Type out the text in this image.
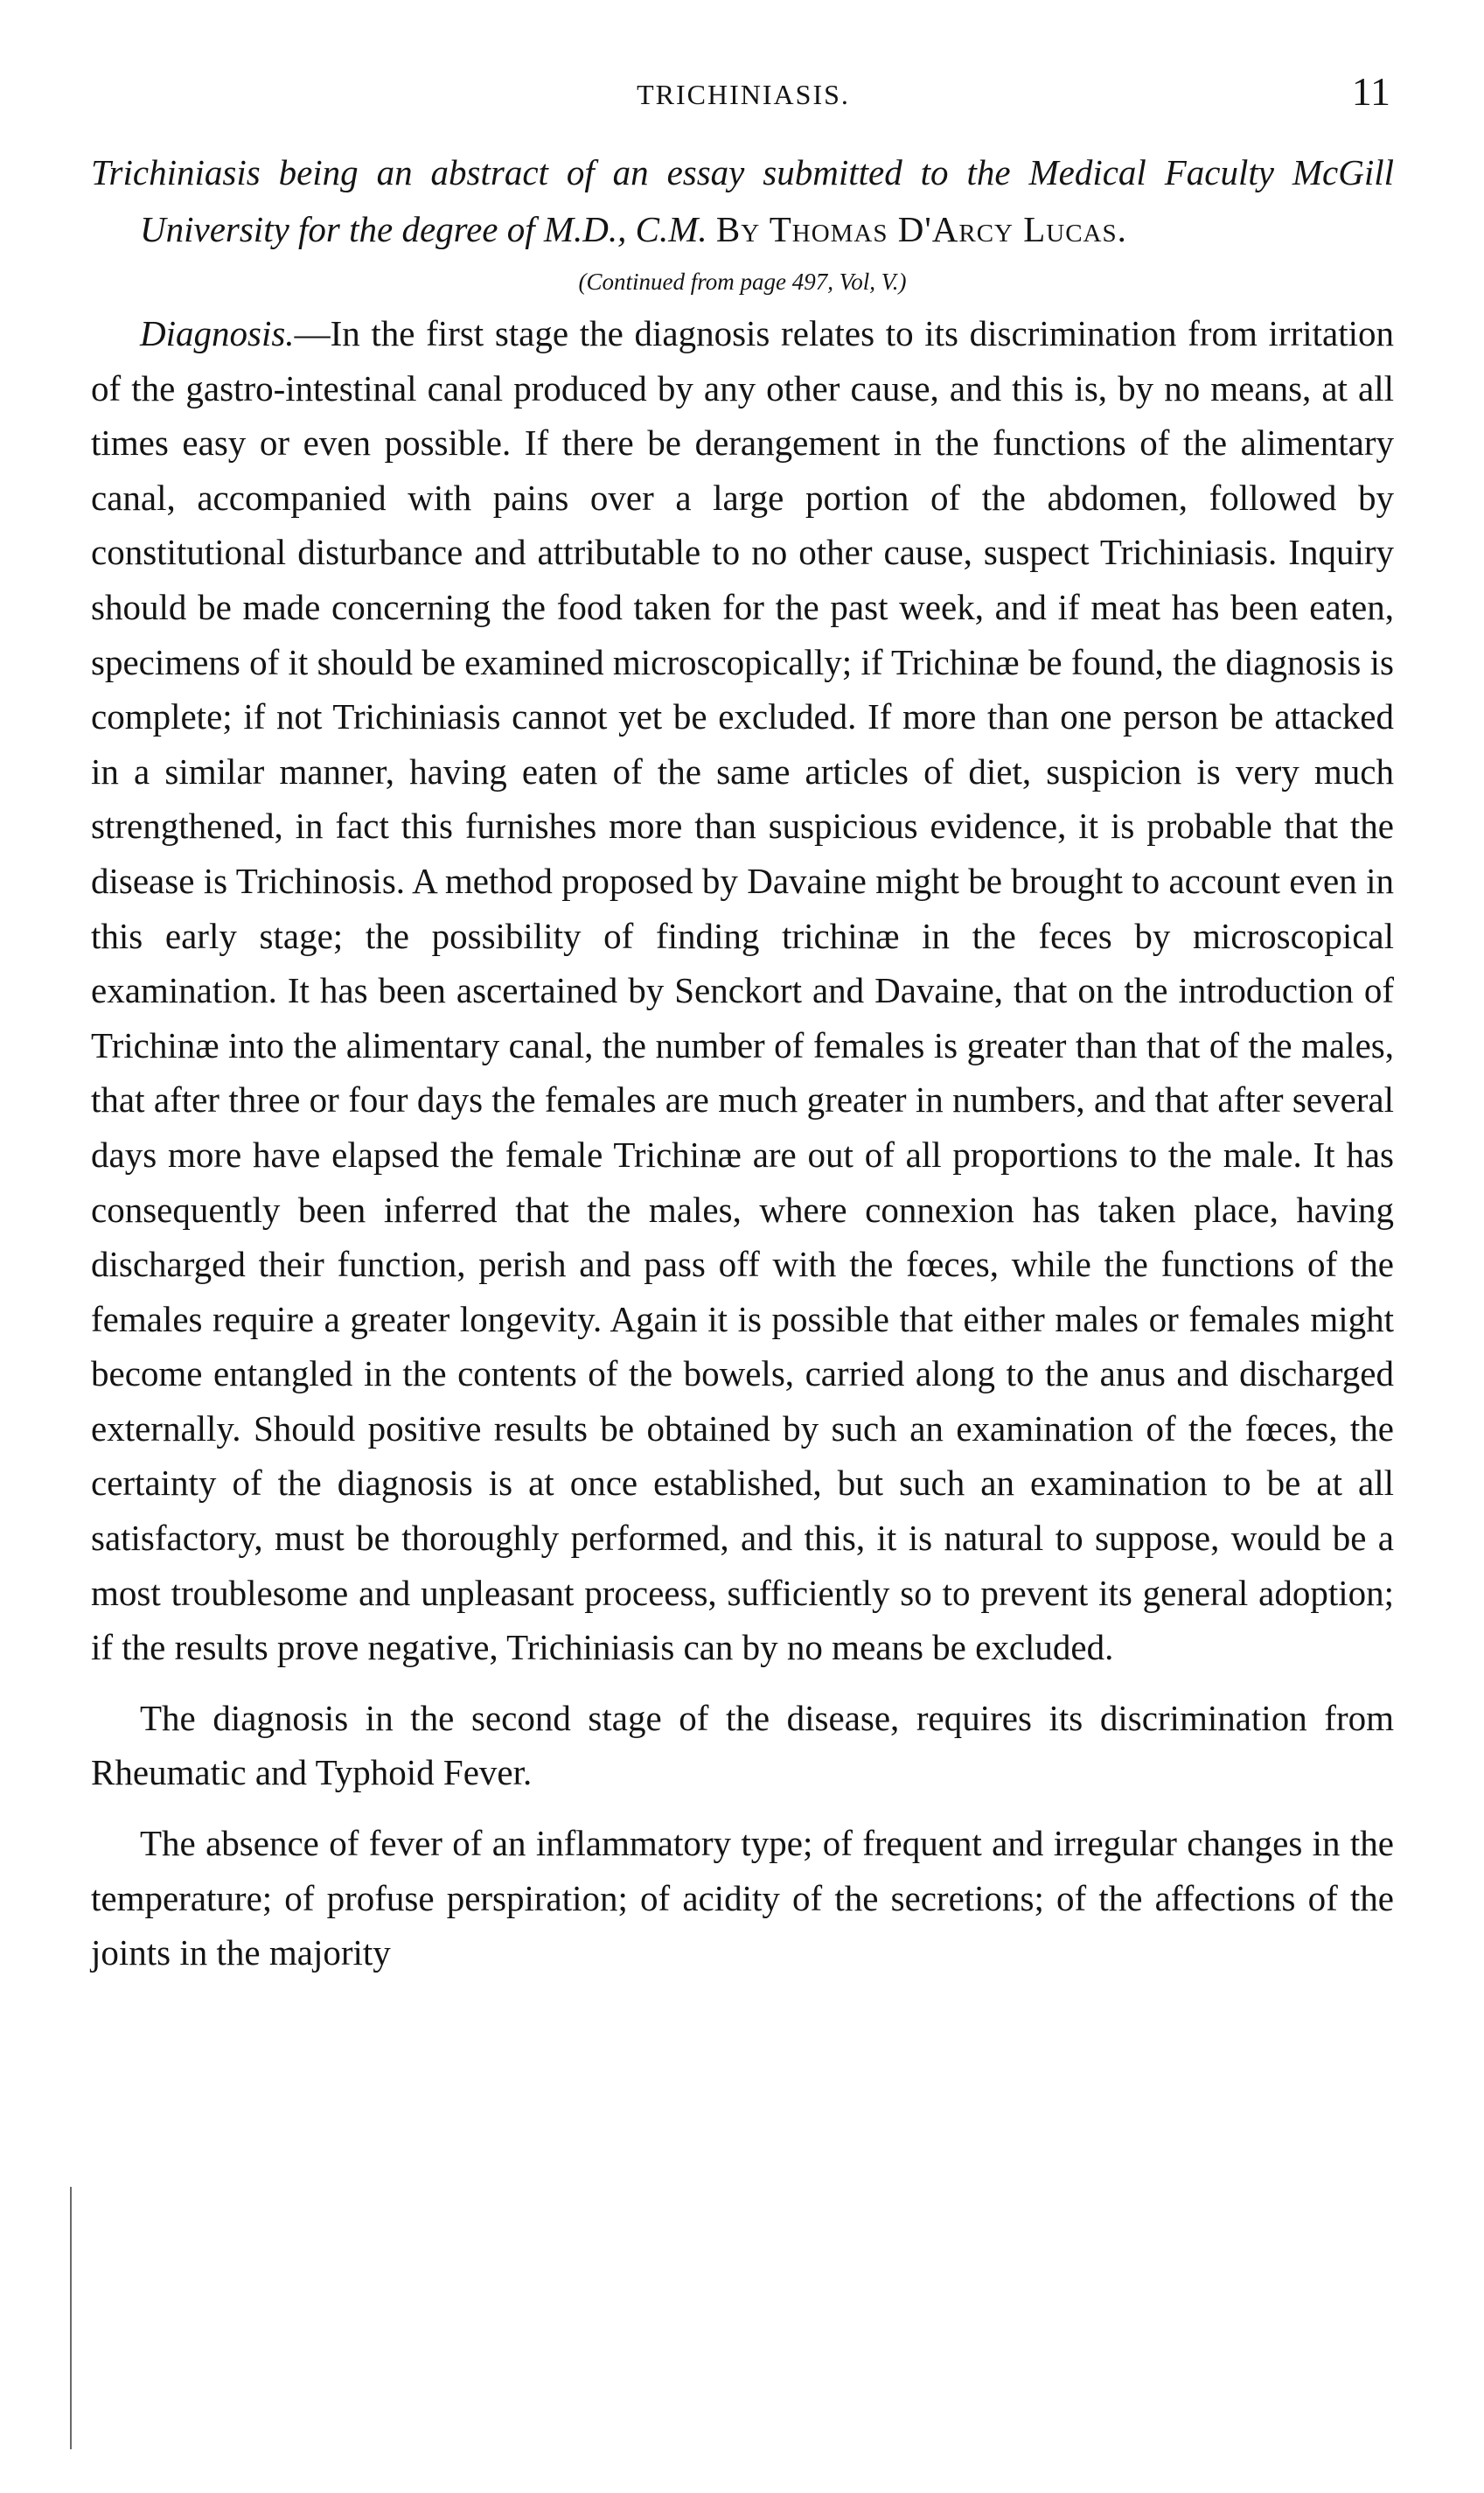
TRICHINIASIS.	11
Trichiniasis being an abstract of an essay submitted to the Medical Faculty McGill University for the degree of M.D., C.M. By Thomas D'Arcy Lucas.
(Continued from page 497, Vol, V.)

Diagnosis.—In the first stage the diagnosis relates to its discrimination from irritation of the gastro-intestinal canal produced by any other cause, and this is, by no means, at all times easy or even possible. If there be derangement in the functions of the alimentary canal, accompanied with pains over a large portion of the abdomen, followed by constitutional disturbance and attributable to no other cause, suspect Trichiniasis. Inquiry should be made concerning the food taken for the past week, and if meat has been eaten, specimens of it should be examined microscopically; if Trichinæ be found, the diagnosis is complete; if not Trichiniasis cannot yet be excluded. If more than one person be attacked in a similar manner, having eaten of the same articles of diet, suspicion is very much strengthened, in fact this furnishes more than suspicious evidence, it is probable that the disease is Trichinosis. A method proposed by Davaine might be brought to account even in this early stage; the possibility of finding trichinæ in the feces by microscopical examination. It has been ascertained by Senckort and Davaine, that on the introduction of Trichinæ into the alimentary canal, the number of females is greater than that of the males, that after three or four days the females are much greater in numbers, and that after several days more have elapsed the female Trichinæ are out of all proportions to the male. It has consequently been inferred that the males, where connexion has taken place, having discharged their function, perish and pass off with the fœces, while the functions of the females require a greater longevity. Again it is possible that either males or females might become entangled in the contents of the bowels, carried along to the anus and discharged externally. Should positive results be obtained by such an examination of the fœces, the certainty of the diagnosis is at once established, but such an examination to be at all satisfactory, must be thoroughly performed, and this, it is natural to suppose, would be a most troublesome and unpleasant proceess, sufficiently so to prevent its general adoption; if the results prove negative, Trichiniasis can by no means be excluded.

The diagnosis in the second stage of the disease, requires its discrimination from Rheumatic and Typhoid Fever.

The absence of fever of an inflammatory type; of frequent and irregular changes in the temperature; of profuse perspiration; of acidity of the secretions; of the affections of the joints in the majority
